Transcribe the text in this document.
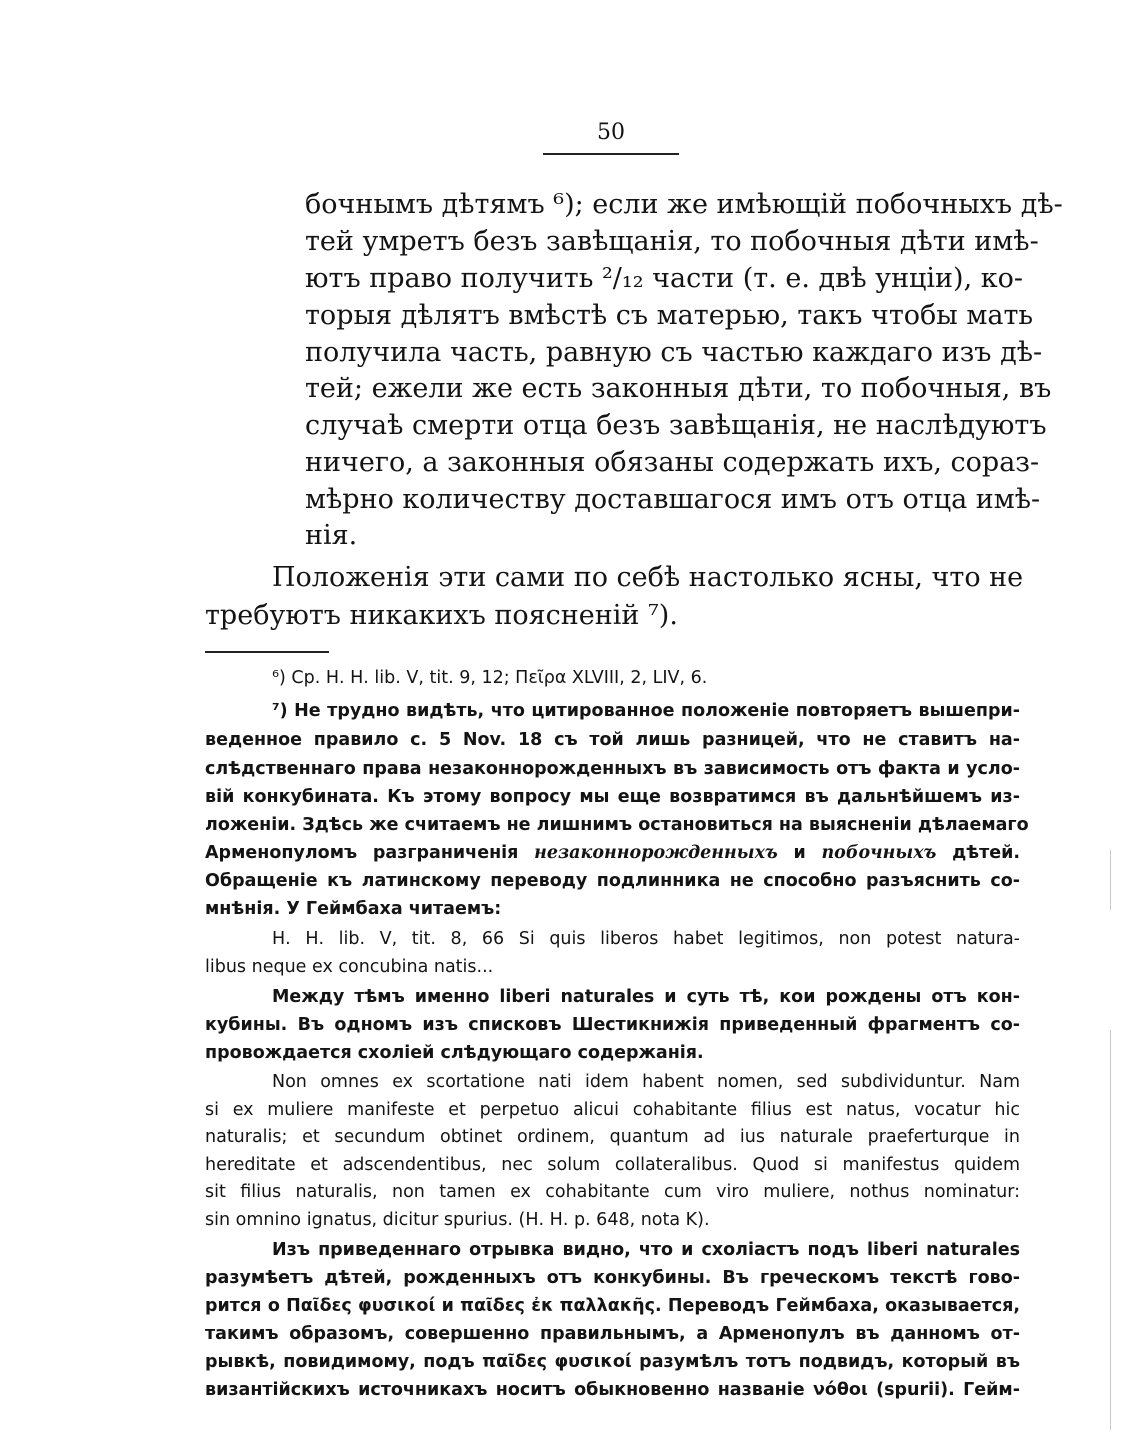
50
бочнымъ дѣтямъ ⁶); если же имѣющій побочныхъ дѣ-
тей умретъ безъ завѣщанія, то побочныя дѣти имѣ-
ютъ право получить ²/₁₂ части (т. е. двѣ унціи), ко-
торыя дѣлятъ вмѣстѣ съ матерью, такъ чтобы мать
получила часть, равную съ частью каждаго изъ дѣ-
тей; ежели же есть законныя дѣти, то побочныя, въ
случаѣ смерти отца безъ завѣщанія, не наслѣдуютъ
ничего, а законныя обязаны содержать ихъ, сораз-
мѣрно количеству доставшагося имъ отъ отца имѣ-
нія.
Положенія эти сами по себѣ настолько ясны, что не
требуютъ никакихъ поясненій ⁷).
⁶) Ср. Н. Н. lib. V, tit. 9, 12; Πεῖρα XLVIII, 2, LIV, 6.
⁷) Не трудно видѣть, что цитированное положеніе повторяетъ вышепри-
веденное правило с. 5 Nov. 18 съ той лишь разницей, что не ставитъ на-
слѣдственнаго права незаконнорожденныхъ въ зависимость отъ факта и усло-
вій конкубината. Къ этому вопросу мы еще возвратимся въ дальнѣйшемъ из-
ложеніи. Здѣсь же считаемъ не лишнимъ остановиться на выясненіи дѣлаемаго
Арменопуломъ разграниченія незаконнорожденныхъ и побочныхъ дѣтей.
Обращеніе къ латинскому переводу подлинника не способно разъяснить со-
мнѣнія. У Геймбаха читаемъ:
Н. Н. lib. V, tit. 8, 66 Si quis liberos habet legitimos, non potest natura-
libus neque ex concubina natis...
Между тѣмъ именно liberi naturales и суть тѣ, кои рождены отъ кон-
кубины. Въ одномъ изъ списковъ Шестикнижія приведенный фрагментъ со-
провождается схоліей слѣдующаго содержанія.
Non omnes ex scortatione nati idem habent nomen, sed subdividuntur. Nam
si ex muliere manifeste et perpetuo alicui cohabitante filius est natus, vocatur hic
naturalis; et secundum obtinet ordinem, quantum ad ius naturale praeferturque in
hereditate et adscendentibus, nec solum collateralibus. Quod si manifestus quidem
sit filius naturalis, non tamen ex cohabitante cum viro muliere, nothus nominatur:
sin omnino ignatus, dicitur spurius. (Н. Н. р. 648, nota K).
Изъ приведеннаго отрывка видно, что и схоліастъ подъ liberi naturales
разумѣетъ дѣтей, рожденныхъ отъ конкубины. Въ греческомъ текстѣ гово-
рится о Παῖδες φυσικοί и παῖδες ἐκ παλλακῆς. Переводъ Геймбаха, оказывается,
такимъ образомъ, совершенно правильнымъ, а Арменопулъ въ данномъ от-
рывкѣ, повидимому, подъ παῖδες φυσικοί разумѣлъ тотъ подвидъ, который въ
византійскихъ источникахъ носитъ обыкновенно названіе νόθοι (spurii). Гейм-
